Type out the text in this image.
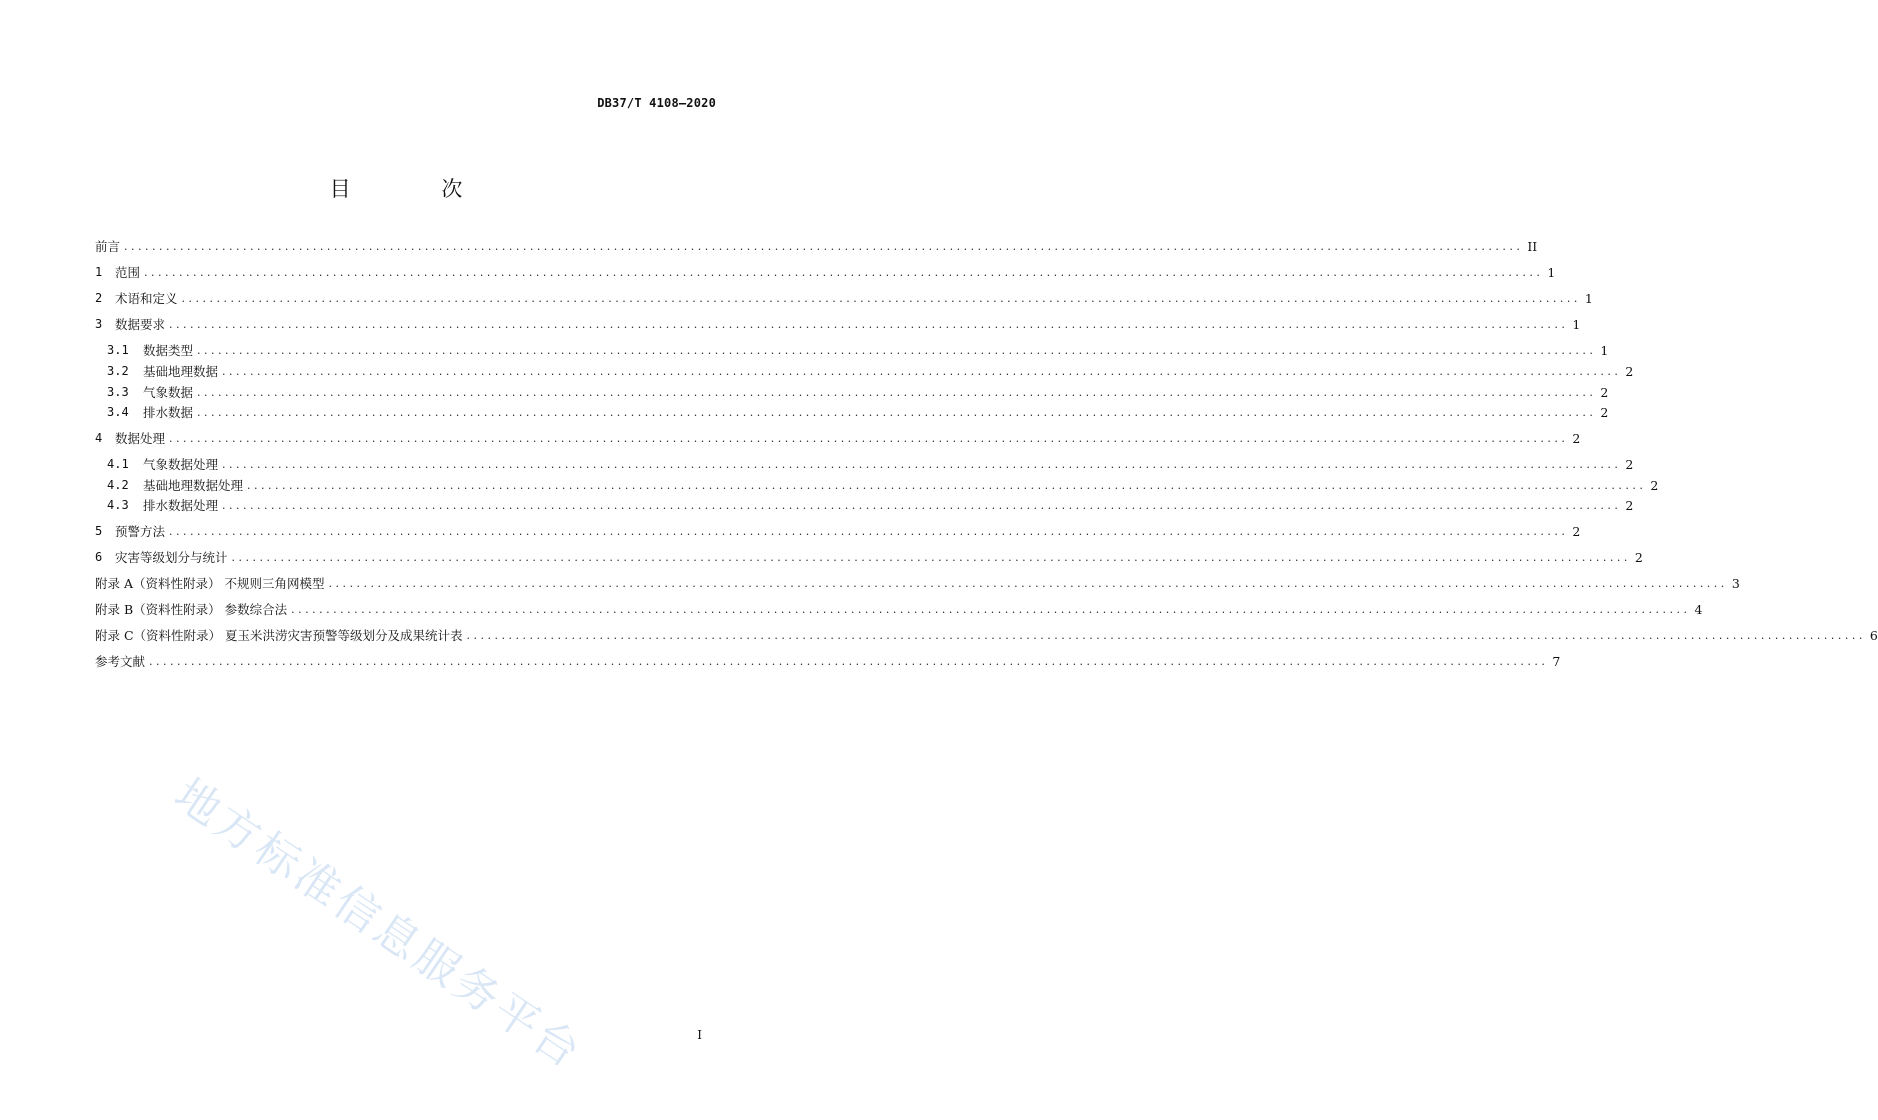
DB37/T 4108—2020
目 次
前言 ........................................................................................................................................................................................................ II
1	范围 ........................................................................................................................................................................................................ 1
2	术语和定义 ........................................................................................................................................................................................................ 1
3	数据要求 ........................................................................................................................................................................................................ 1
3.1	数据类型 ........................................................................................................................................................................................................ 1
3.2	基础地理数据 ........................................................................................................................................................................................................ 2
3.3	气象数据 ........................................................................................................................................................................................................ 2
3.4	排水数据 ........................................................................................................................................................................................................ 2
4	数据处理 ........................................................................................................................................................................................................ 2
4.1	气象数据处理 ........................................................................................................................................................................................................ 2
4.2	基础地理数据处理 ........................................................................................................................................................................................................ 2
4.3	排水数据处理 ........................................................................................................................................................................................................ 2
5	预警方法 ........................................................................................................................................................................................................ 2
6	灾害等级划分与统计 ........................................................................................................................................................................................................ 2
附录 A（资料性附录） 不规则三角网模型 ........................................................................................................................................................................................................ 3
附录 B（资料性附录） 参数综合法 ........................................................................................................................................................................................................ 4
附录 C（资料性附录） 夏玉米洪涝灾害预警等级划分及成果统计表 ........................................................................................................................................................................................................ 6
参考文献 ........................................................................................................................................................................................................ 7
I
地方标准信息服务平台
